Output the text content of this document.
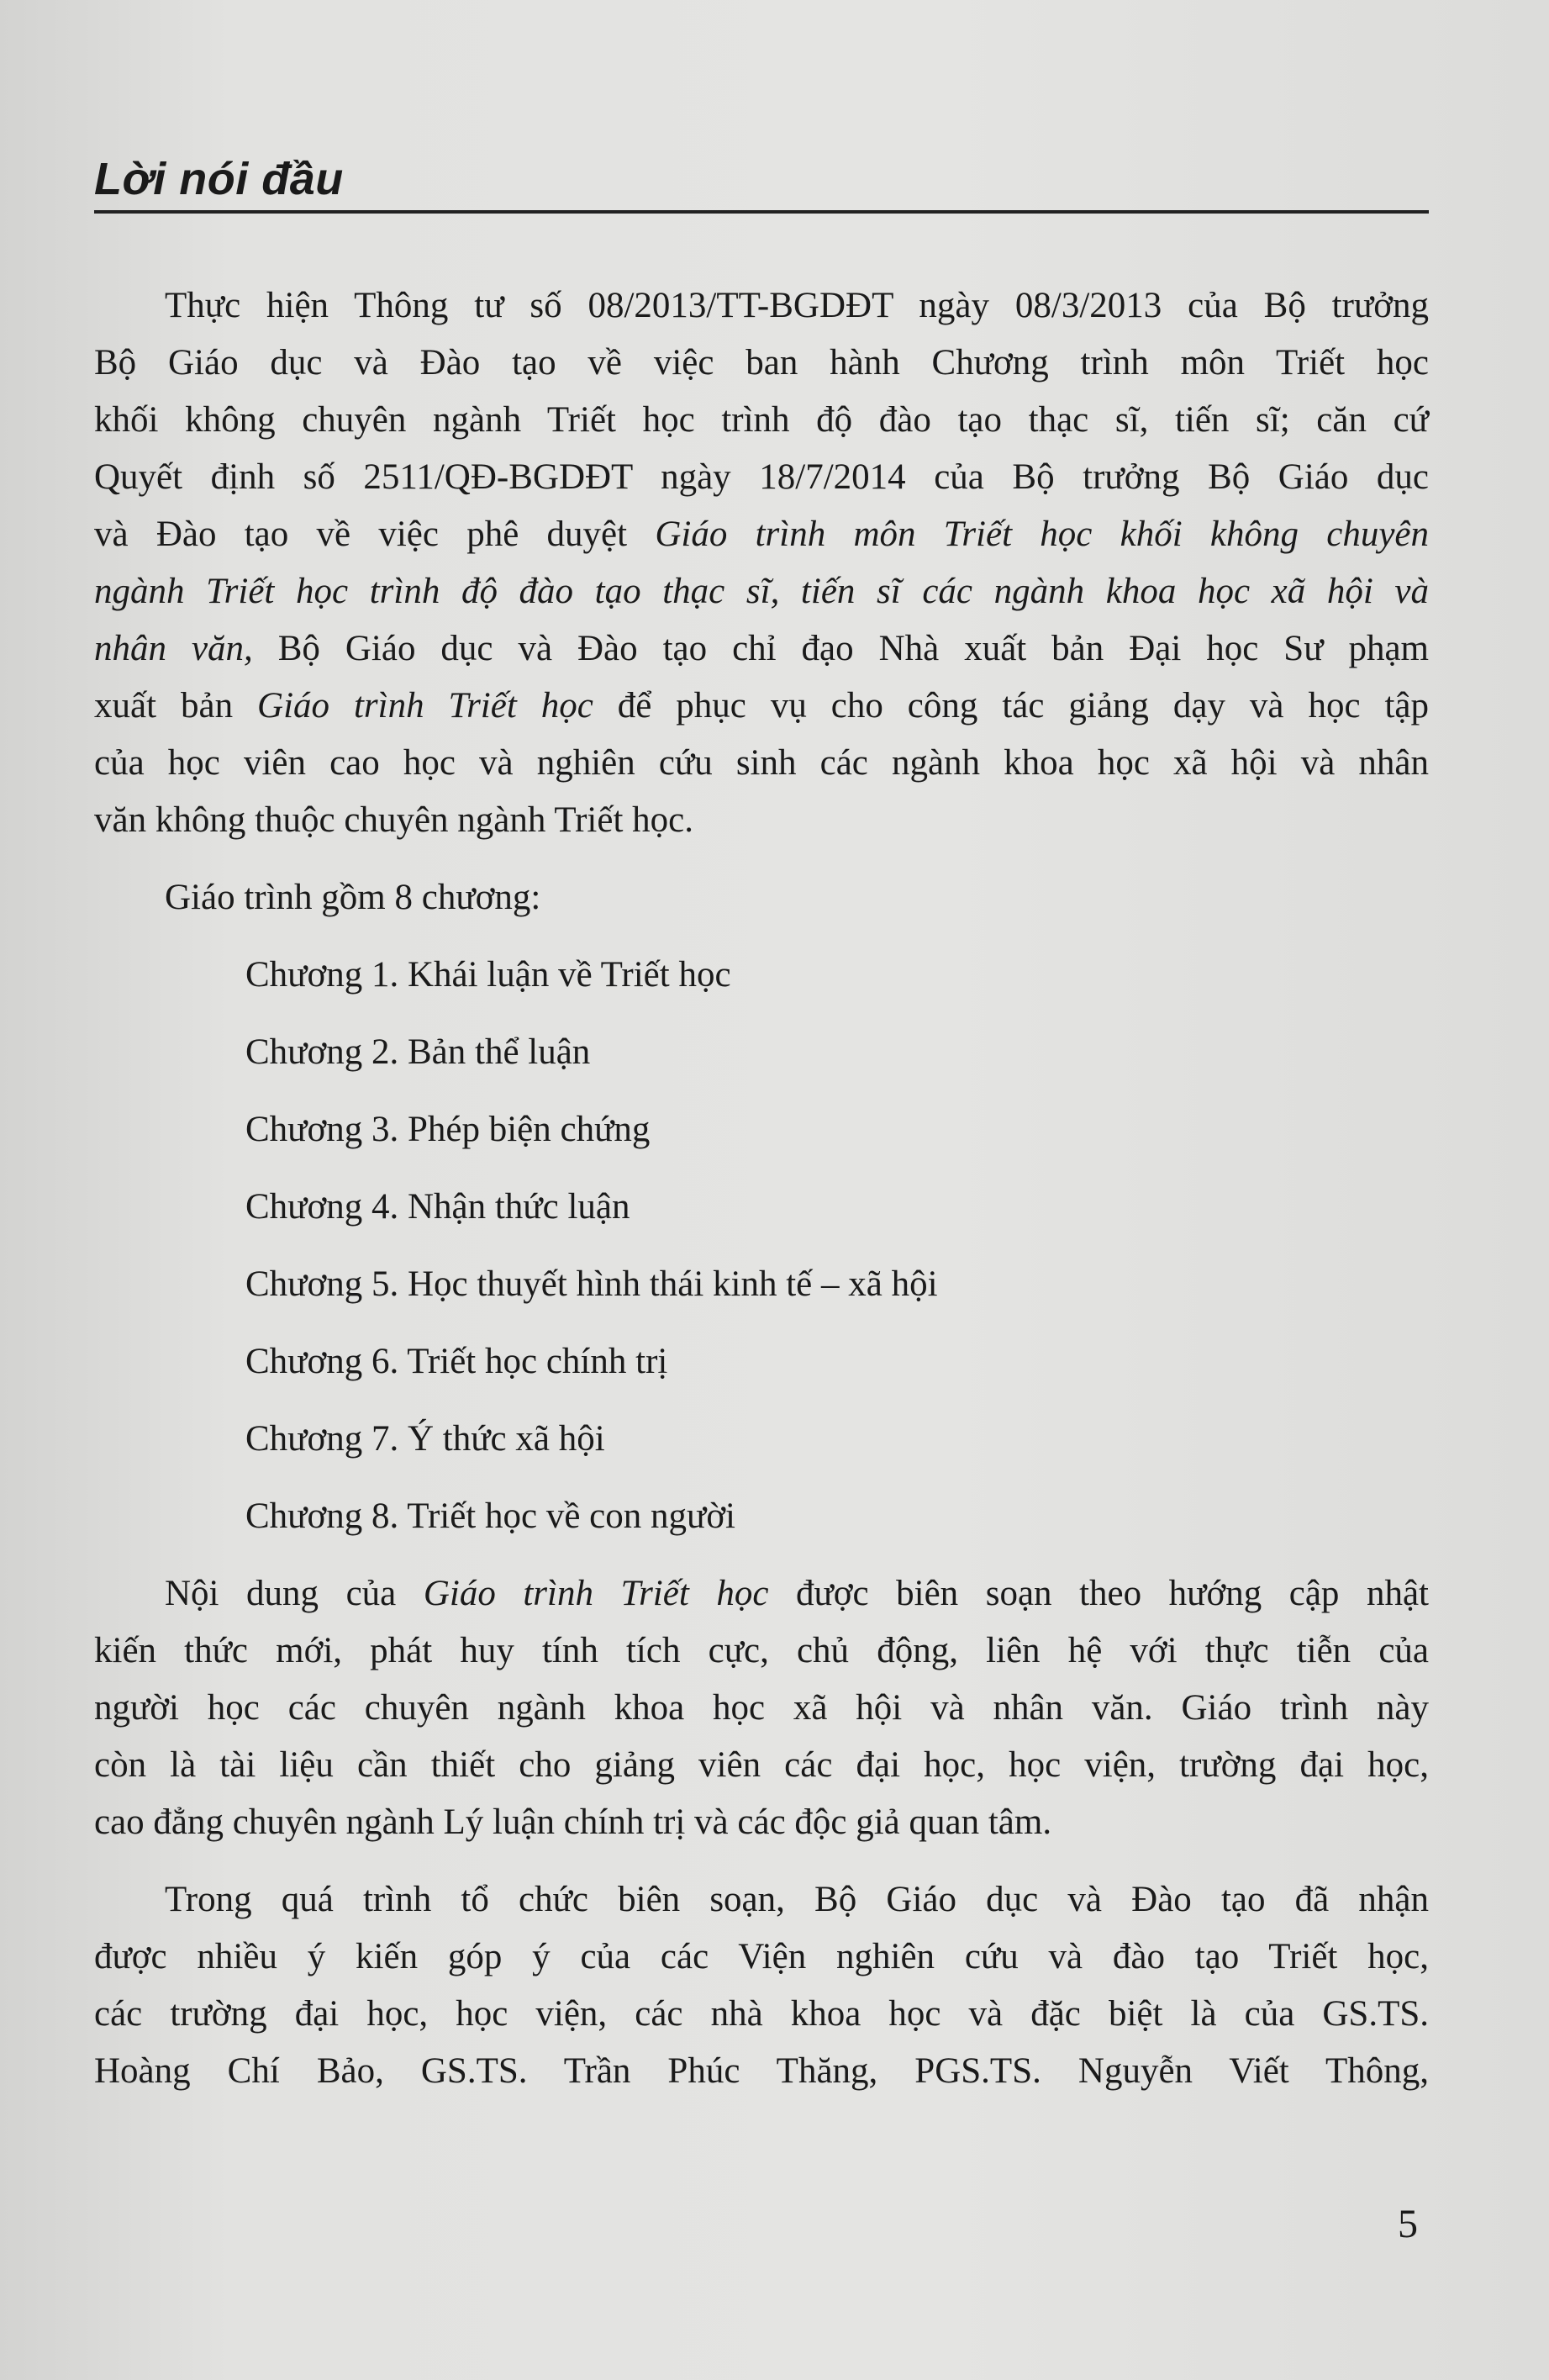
Lời nói đầu

Thực hiện Thông tư số 08/2013/TT-BGDĐT ngày 08/3/2013 của Bộ trưởng
Bộ Giáo dục và Đào tạo về việc ban hành Chương trình môn Triết học
khối không chuyên ngành Triết học trình độ đào tạo thạc sĩ, tiến sĩ; căn cứ
Quyết định số 2511/QĐ-BGDĐT ngày 18/7/2014 của Bộ trưởng Bộ Giáo dục
và Đào tạo về việc phê duyệt Giáo trình môn Triết học khối không chuyên
ngành Triết học trình độ đào tạo thạc sĩ, tiến sĩ các ngành khoa học xã hội và
nhân văn, Bộ Giáo dục và Đào tạo chỉ đạo Nhà xuất bản Đại học Sư phạm
xuất bản Giáo trình Triết học để phục vụ cho công tác giảng dạy và học tập
của học viên cao học và nghiên cứu sinh các ngành khoa học xã hội và nhân
văn không thuộc chuyên ngành Triết học.

Giáo trình gồm 8 chương:

Chương 1. Khái luận về Triết học
Chương 2. Bản thể luận
Chương 3. Phép biện chứng
Chương 4. Nhận thức luận
Chương 5. Học thuyết hình thái kinh tế – xã hội
Chương 6. Triết học chính trị
Chương 7. Ý thức xã hội
Chương 8. Triết học về con người

Nội dung của Giáo trình Triết học được biên soạn theo hướng cập nhật
kiến thức mới, phát huy tính tích cực, chủ động, liên hệ với thực tiễn của
người học các chuyên ngành khoa học xã hội và nhân văn. Giáo trình này
còn là tài liệu cần thiết cho giảng viên các đại học, học viện, trường đại học,
cao đẳng chuyên ngành Lý luận chính trị và các độc giả quan tâm.

Trong quá trình tổ chức biên soạn, Bộ Giáo dục và Đào tạo đã nhận
được nhiều ý kiến góp ý của các Viện nghiên cứu và đào tạo Triết học,
các trường đại học, học viện, các nhà khoa học và đặc biệt là của GS.TS.
Hoàng Chí Bảo, GS.TS. Trần Phúc Thăng, PGS.TS. Nguyễn Viết Thông,

5
